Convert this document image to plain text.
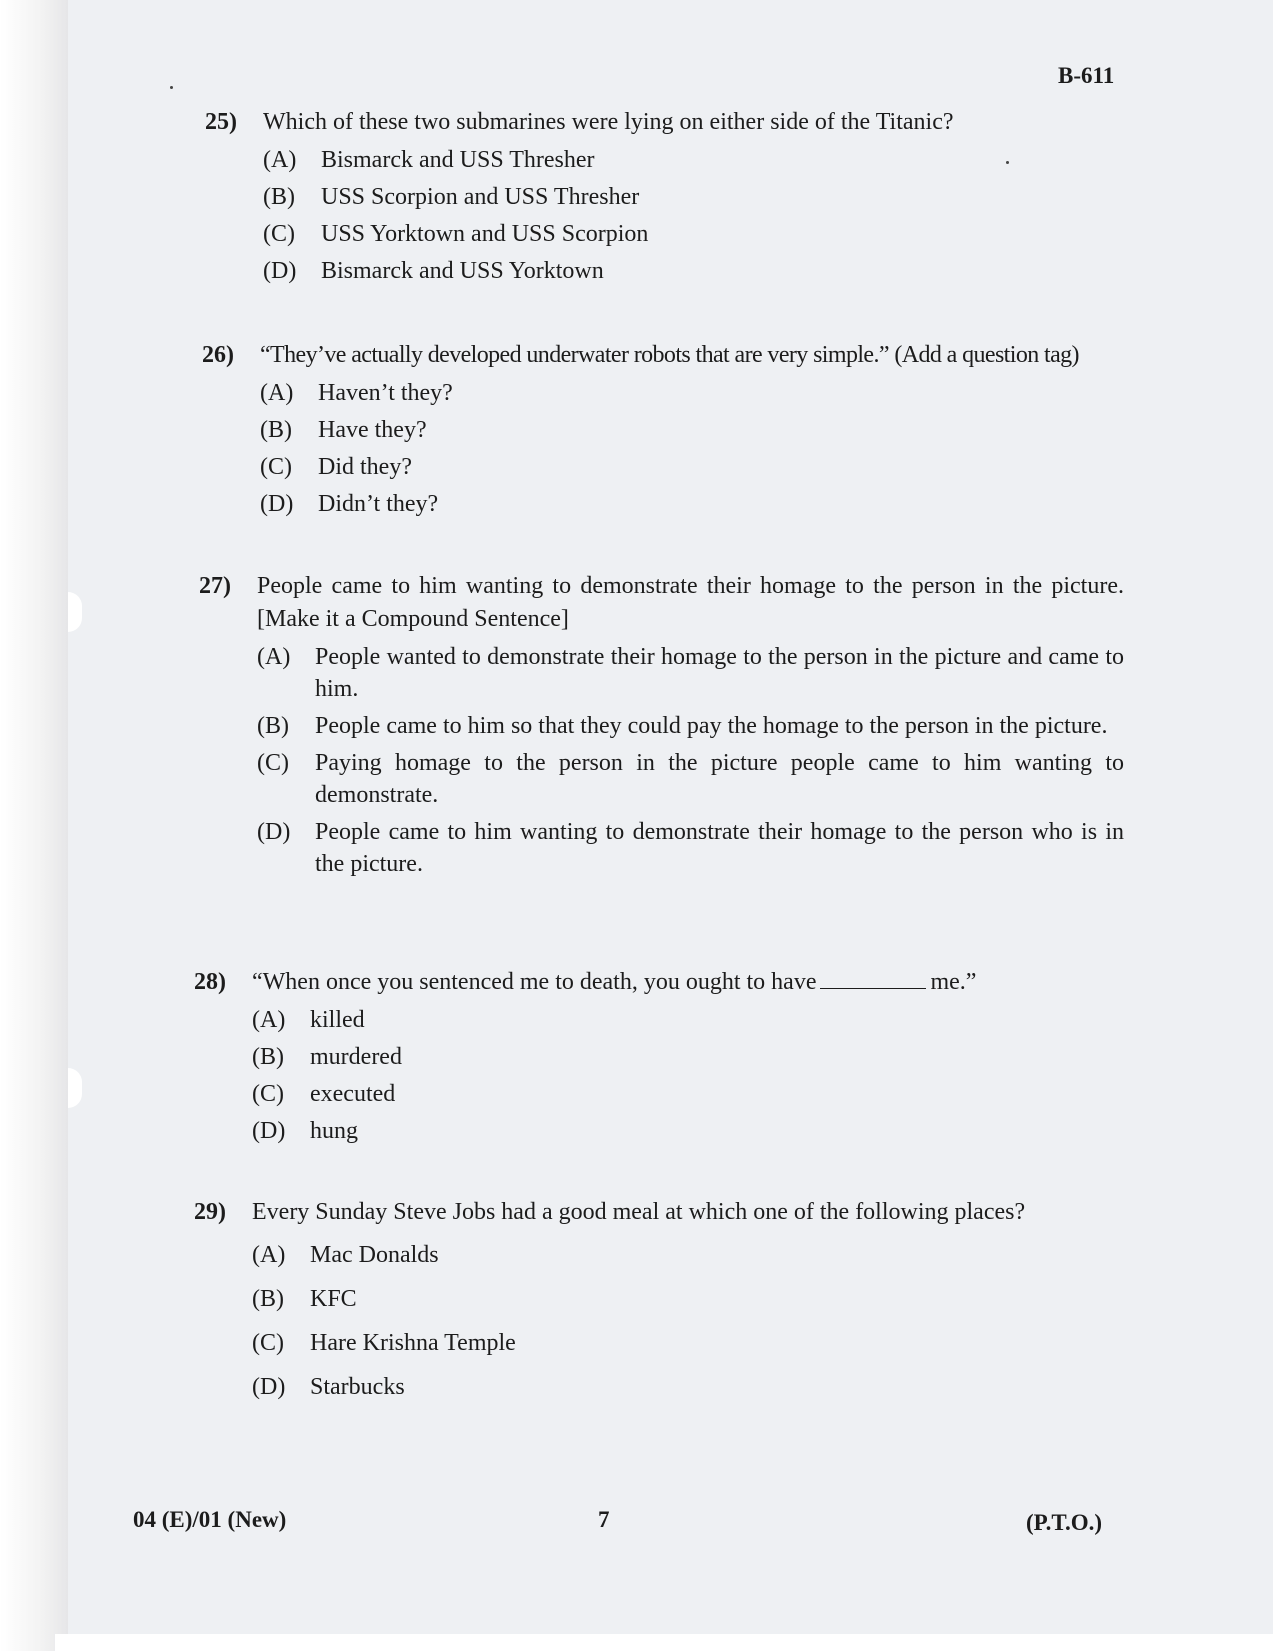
B-611
25)	Which of these two submarines were lying on either side of the Titanic?
(A)	Bismarck and USS Thresher
(B)	USS Scorpion and USS Thresher
(C)	USS Yorktown and USS Scorpion
(D)	Bismarck and USS Yorktown
26)	“They’ve actually developed underwater robots that are very simple.” (Add a question tag)
(A)	Haven’t they?
(B)	Have they?
(C)	Did they?
(D)	Didn’t they?
27)	People came to him wanting to demonstrate their homage to the person in the picture. [Make it a Compound Sentence]
(A)	People wanted to demonstrate their homage to the person in the picture and came to him.
(B)	People came to him so that they could pay the homage to the person in the picture.
(C)	Paying homage to the person in the picture people came to him wanting to demonstrate.
(D)	People came to him wanting to demonstrate their homage to the person who is in the picture.
28)	“When once you sentenced me to death, you ought to have	me.”
(A)	killed
(B)	murdered
(C)	executed
(D)	hung
29)	Every Sunday Steve Jobs had a good meal at which one of the following places?
(A)	Mac Donalds
(B)	KFC
(C)	Hare Krishna Temple
(D)	Starbucks
04 (E)/01 (New)	7	(P.T.O.)
